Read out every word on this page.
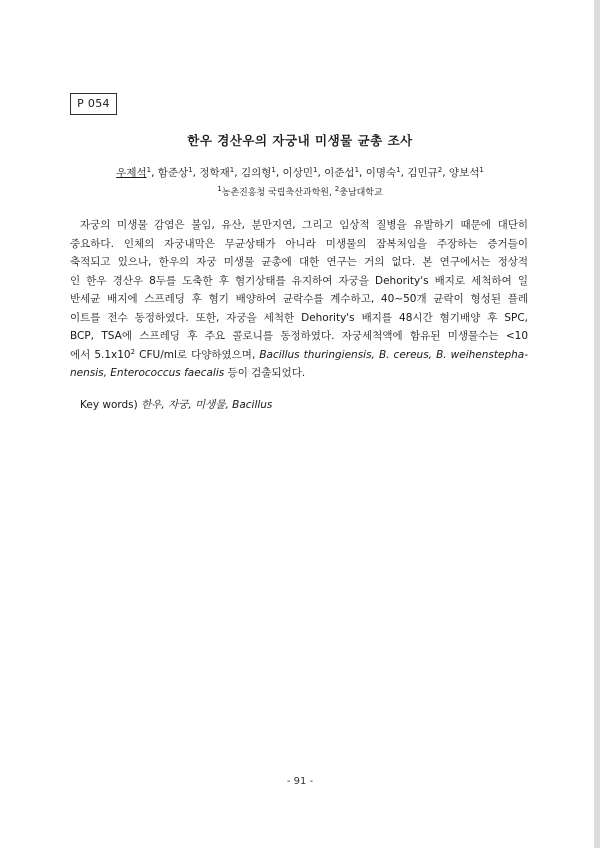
P 054
한우 경산우의 자궁내 미생물 균총 조사
우제석$^1$, 함준상$^1$, 정학재$^1$, 김의형$^1$, 이상민$^1$, 이준섭$^1$, 이명숙$^1$, 김민규$^2$, 양보석$^1$
$^1$농촌진흥청 국립축산과학원, $^2$충남대학교
자궁의 미생물 감염은 불임, 유산, 분만지연, 그리고 임상적 질병을 유발하기 때문에 대단히
중요하다. 인체의 자궁내막은 무균상태가 아니라 미생물의 잠복처임을 주장하는 증거들이
축적되고 있으나, 한우의 자궁 미생물 균총에 대한 연구는 거의 없다. 본 연구에서는 정상적
인 한우 경산우 8두를 도축한 후 혐기상태를 유지하여 자궁을 Dehority's 배지로 세척하여 일
반세균 배지에 스프레딩 후 혐기 배양하여 균락수를 계수하고, 40∼50개 균락이 형성된 플레
이트를 전수 동정하였다. 또한, 자궁을 세척한 Dehority's 배지를 48시간 혐기배양 후 SPC,
BCP, TSA에 스프레딩 후 주요 콜로니를 동정하였다. 자궁세척액에 함유된 미생물수는 <10
에서 $5.1x10^2$ CFU/ml로 다양하였으며, Bacillus thuringiensis, B. cereus, B. weihenstepha-
nensis, Enterococcus faecalis 등이 검출되었다.
Key words) 한우, 자궁, 미생물, Bacillus
- 91 -
